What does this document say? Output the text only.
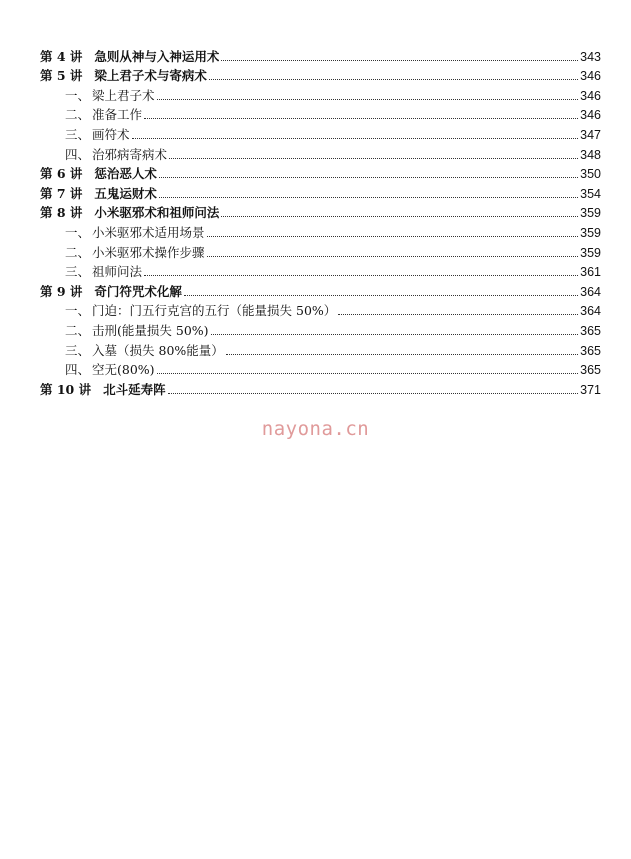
第 4 讲 急则从神与入神运用术	343
第 5 讲 梁上君子术与寄病术	346
一、 梁上君子术	346
二、 准备工作	346
三、 画符术	347
四、 治邪病寄病术	348
第 6 讲 惩治恶人术	350
第 7 讲 五鬼运财术	354
第 8 讲 小米驱邪术和祖师问法	359
一、 小米驱邪术适用场景	359
二、 小米驱邪术操作步骤	359
三、 祖师问法	361
第 9 讲 奇门符咒术化解	364
一、 门迫：门五行克宫的五行（能量损失 50%）	364
二、 击刑(能量损失 50%)	365
三、 入墓（损失 80%能量）	365
四、 空无(80%)	365
第 10 讲 北斗延寿阵	371
nayona.cn
